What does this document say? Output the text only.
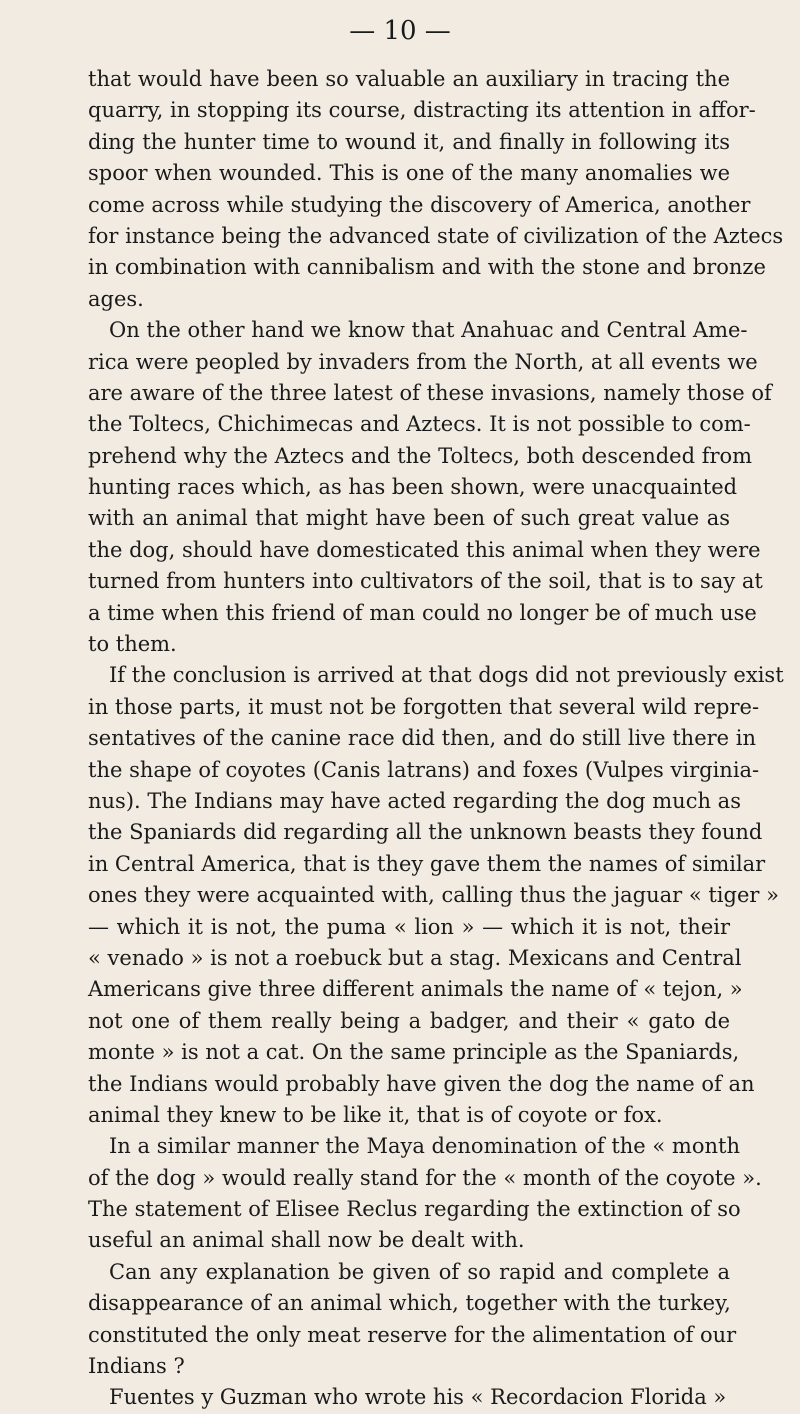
— 10 —
that would have been so valuable an auxiliary in tracing the
quarry, in stopping its course, distracting its attention in affor-
ding the hunter time to wound it, and finally in following its
spoor when wounded. This is one of the many anomalies we
come across while studying the discovery of America, another
for instance being the advanced state of civilization of the Aztecs
in combination with cannibalism and with the stone and bronze
ages.
On the other hand we know that Anahuac and Central Ame-
rica were peopled by invaders from the North, at all events we
are aware of the three latest of these invasions, namely those of
the Toltecs, Chichimecas and Aztecs. It is not possible to com-
prehend why the Aztecs and the Toltecs, both descended from
hunting races which, as has been shown, were unacquainted
with an animal that might have been of such great value as
the dog, should have domesticated this animal when they were
turned from hunters into cultivators of the soil, that is to say at
a time when this friend of man could no longer be of much use
to them.
If the conclusion is arrived at that dogs did not previously exist
in those parts, it must not be forgotten that several wild repre-
sentatives of the canine race did then, and do still live there in
the shape of coyotes (Canis latrans) and foxes (Vulpes virginia-
nus). The Indians may have acted regarding the dog much as
the Spaniards did regarding all the unknown beasts they found
in Central America, that is they gave them the names of similar
ones they were acquainted with, calling thus the jaguar « tiger »
— which it is not, the puma « lion » — which it is not, their
« venado » is not a roebuck but a stag. Mexicans and Central
Americans give three different animals the name of « tejon, »
not one of them really being a badger, and their « gato de
monte » is not a cat. On the same principle as the Spaniards,
the Indians would probably have given the dog the name of an
animal they knew to be like it, that is of coyote or fox.
In a similar manner the Maya denomination of the « month
of the dog » would really stand for the « month of the coyote ».
The statement of Elisee Reclus regarding the extinction of so
useful an animal shall now be dealt with.
Can any explanation be given of so rapid and complete a
disappearance of an animal which, together with the turkey,
constituted the only meat reserve for the alimentation of our
Indians ?
Fuentes y Guzman who wrote his « Recordacion Florida »
